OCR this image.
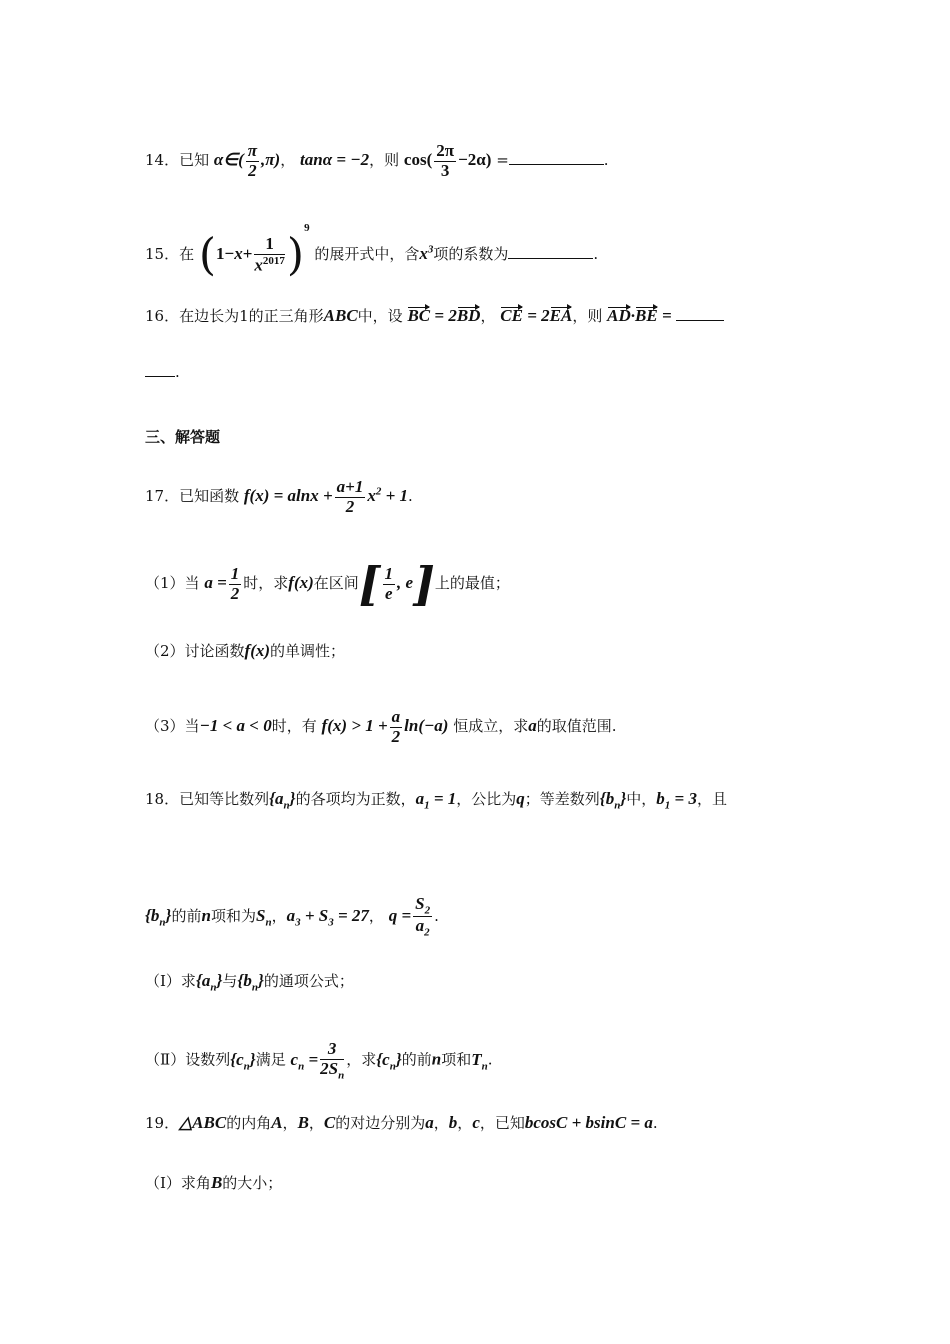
14．已知 α∈( $\frac{\pi}{2} ,\pi$)， tanα = −2，则 $\cos( \frac{2\pi}{3} -2\alpha)$ =	.
15．在 $(1-x+ \frac{1}{x^{2017}} )^9$ 的展开式中，含$x^3$项的系数为	.
16．在边长为1的正三角形ABC中，设 BC = 2BD， CE = 2EA，则 AD·BE =
.
三、解答题
17．已知函数 $f(x) = alnx + \frac{a+1}{2} x^2 + 1$.
（1）当 $a = \frac{1}{2}$ 时，求f(x)在区间[ $\frac{1}{e}$ , e]上的最值；
（2）讨论函数f(x)的单调性；
（3）当−1 < a < 0时，有 $f(x) > 1 + \frac{a}{2} \ln(-a)$ 恒成立，求a的取值范围.
18．已知等比数列$\{a_n\}$的各项均为正数，$a_1 = 1$，公比为q；等差数列$\{b_n\}$中，$b_1 = 3$，且
$\{b_n\}$的前n项和为$S_n$，$a_3 + S_3 = 27$， $q = \frac{S_2}{a_2}$ .
（Ⅰ）求$\{a_n\}$与$\{b_n\}$的通项公式；
（Ⅱ）设数列$\{c_n\}$满足 $c_n = \frac{3}{2S_n}$ ，求$\{c_n\}$的前n项和$T_n$.
19．△ABC的内角A，B，C的对边分别为a，b，c，已知bcosC + bsinC = a.
（Ⅰ）求角B的大小；
